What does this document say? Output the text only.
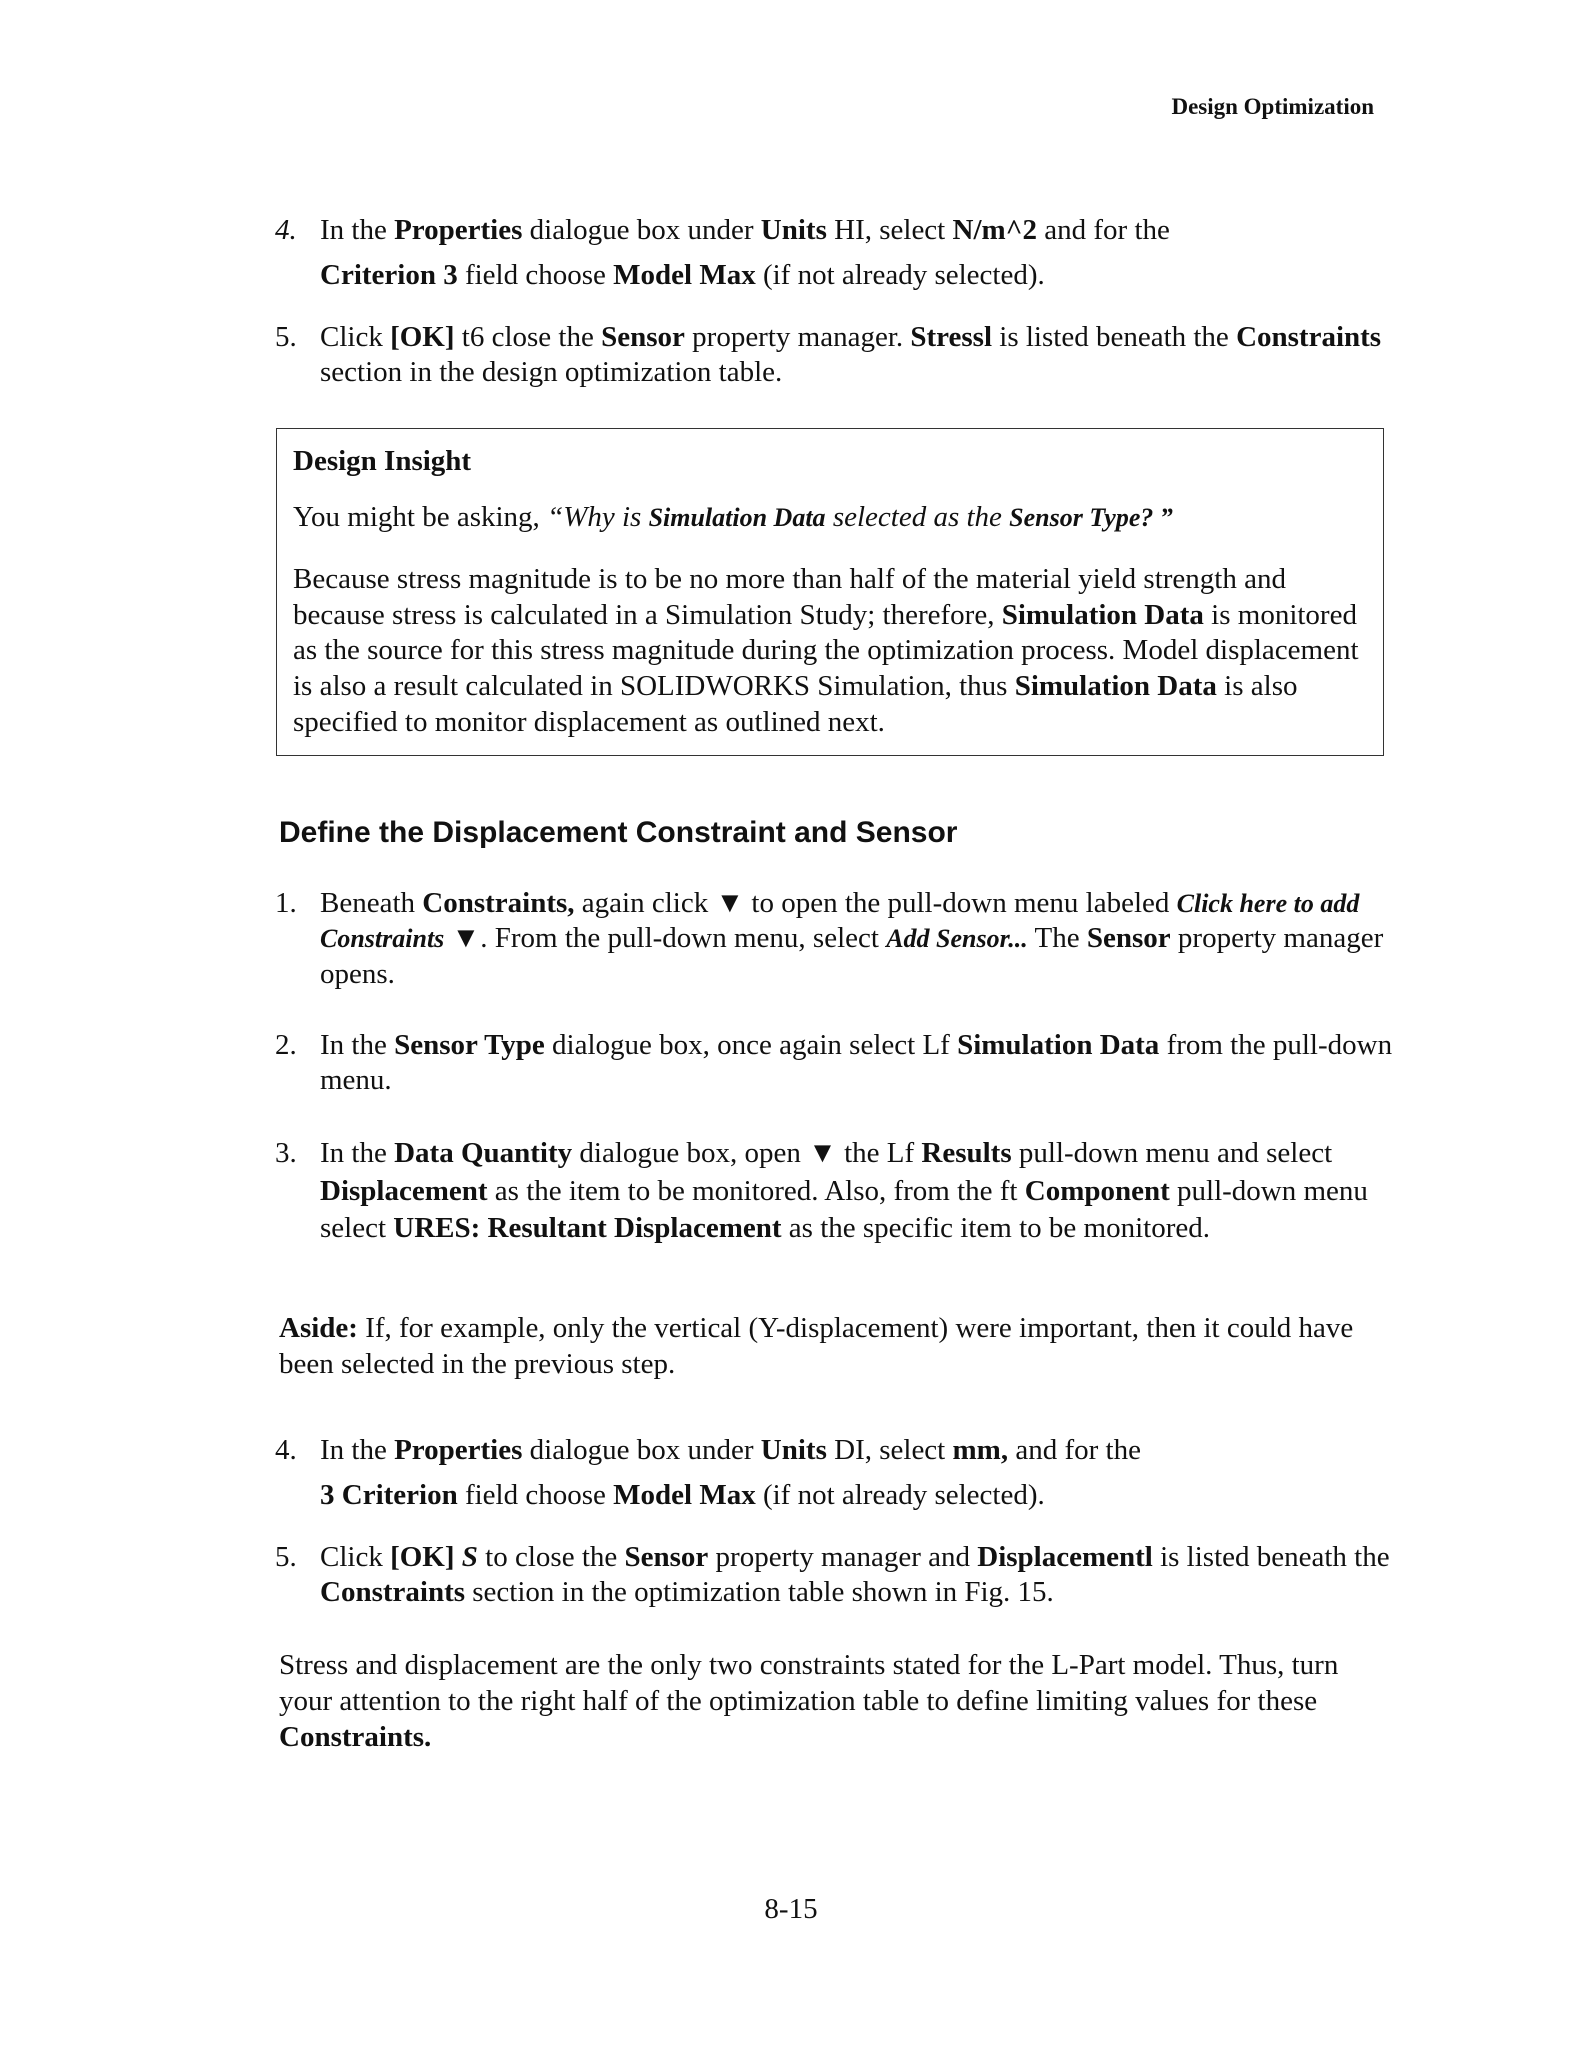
Design Optimization
4. In the Properties dialogue box under Units HI, select N/m^2 and for the
Criterion 3 field choose Model Max (if not already selected).
5. Click [OK] t6 close the Sensor property manager. Stressl is listed beneath the Constraints section in the design optimization table.
Design Insight
You might be asking, “Why is Simulation Data selected as the Sensor Type? ”
Because stress magnitude is to be no more than half of the material yield strength and because stress is calculated in a Simulation Study; therefore, Simulation Data is monitored as the source for this stress magnitude during the optimization process. Model displacement is also a result calculated in SOLIDWORKS Simulation, thus Simulation Data is also specified to monitor displacement as outlined next.
Define the Displacement Constraint and Sensor
1. Beneath Constraints, again click ▼ to open the pull-down menu labeled Click here to add Constraints ▼. From the pull-down menu, select Add Sensor... The Sensor property manager opens.
2. In the Sensor Type dialogue box, once again select Lf Simulation Data from the pull-down menu.
3. In the Data Quantity dialogue box, open ▼ the Lf Results pull-down menu and select Displacement as the item to be monitored. Also, from the ft Component pull-down menu select URES: Resultant Displacement as the specific item to be monitored.
Aside: If, for example, only the vertical (Y-displacement) were important, then it could have been selected in the previous step.
4. In the Properties dialogue box under Units DI, select mm, and for the
3 Criterion field choose Model Max (if not already selected).
5. Click [OK] S to close the Sensor property manager and Displacementl is listed beneath the Constraints section in the optimization table shown in Fig. 15.
Stress and displacement are the only two constraints stated for the L-Part model. Thus, turn your attention to the right half of the optimization table to define limiting values for these Constraints.
8-15
